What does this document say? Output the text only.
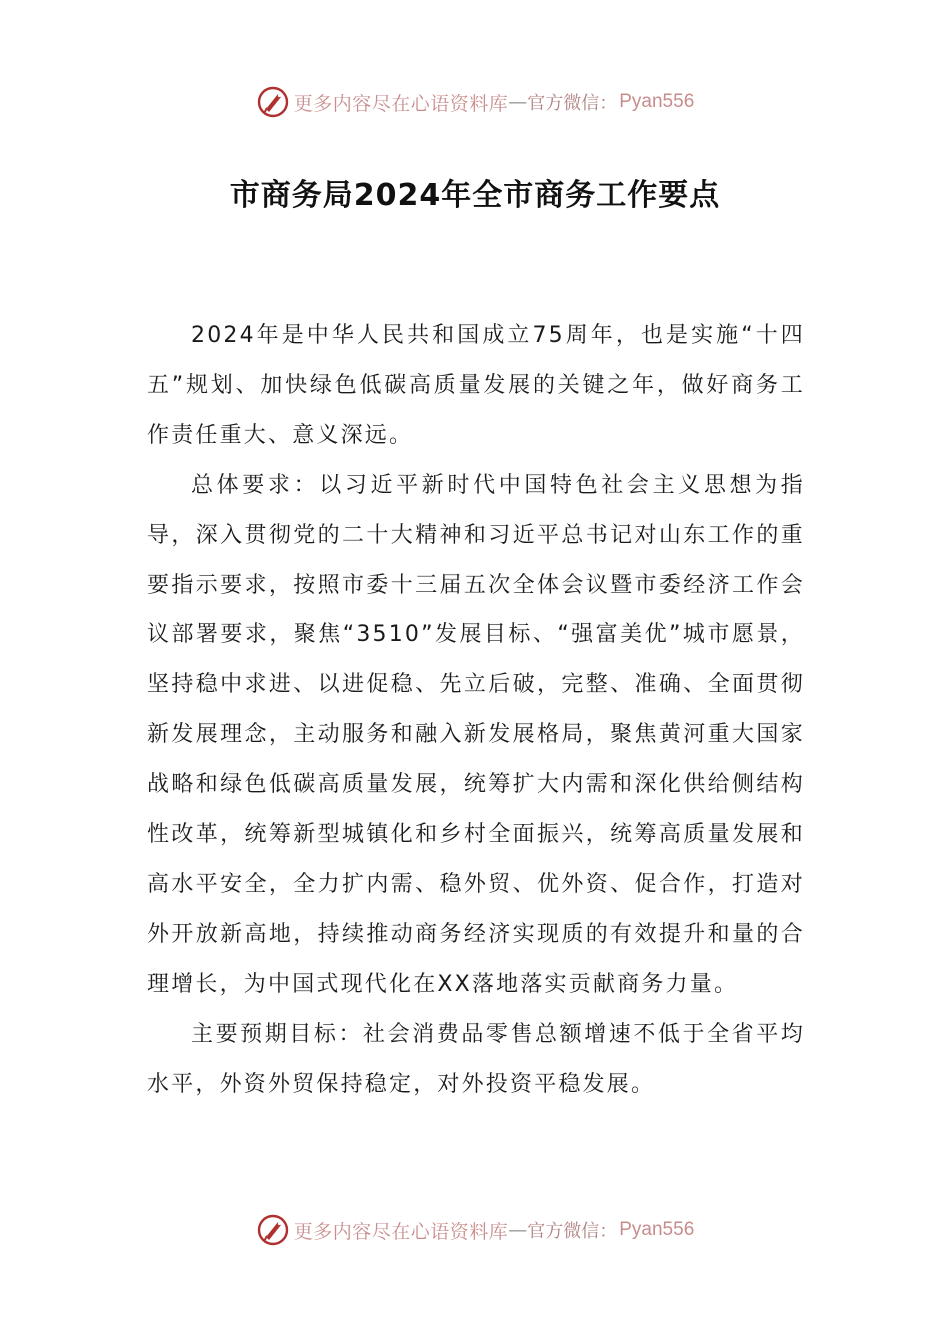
更多内容尽在心语资料库 — 官方微信： Pyan556
市商务局2024年全市商务工作要点

2024年是中华人民共和国成立75周年，也是实施“十四五”规划、加快绿色低碳高质量发展的关键之年，做好商务工作责任重大、意义深远。

总体要求：以习近平新时代中国特色社会主义思想为指导，深入贯彻党的二十大精神和习近平总书记对山东工作的重要指示要求，按照市委十三届五次全体会议暨市委经济工作会议部署要求，聚焦“3510”发展目标、“强富美优”城市愿景，坚持稳中求进、以进促稳、先立后破，完整、准确、全面贯彻新发展理念，主动服务和融入新发展格局，聚焦黄河重大国家战略和绿色低碳高质量发展，统筹扩大内需和深化供给侧结构性改革，统筹新型城镇化和乡村全面振兴，统筹高质量发展和高水平安全，全力扩内需、稳外贸、优外资、促合作，打造对外开放新高地，持续推动商务经济实现质的有效提升和量的合理增长，为中国式现代化在XX落地落实贡献商务力量。

主要预期目标：社会消费品零售总额增速不低于全省平均水平，外资外贸保持稳定，对外投资平稳发展。

更多内容尽在心语资料库 — 官方微信： Pyan556
